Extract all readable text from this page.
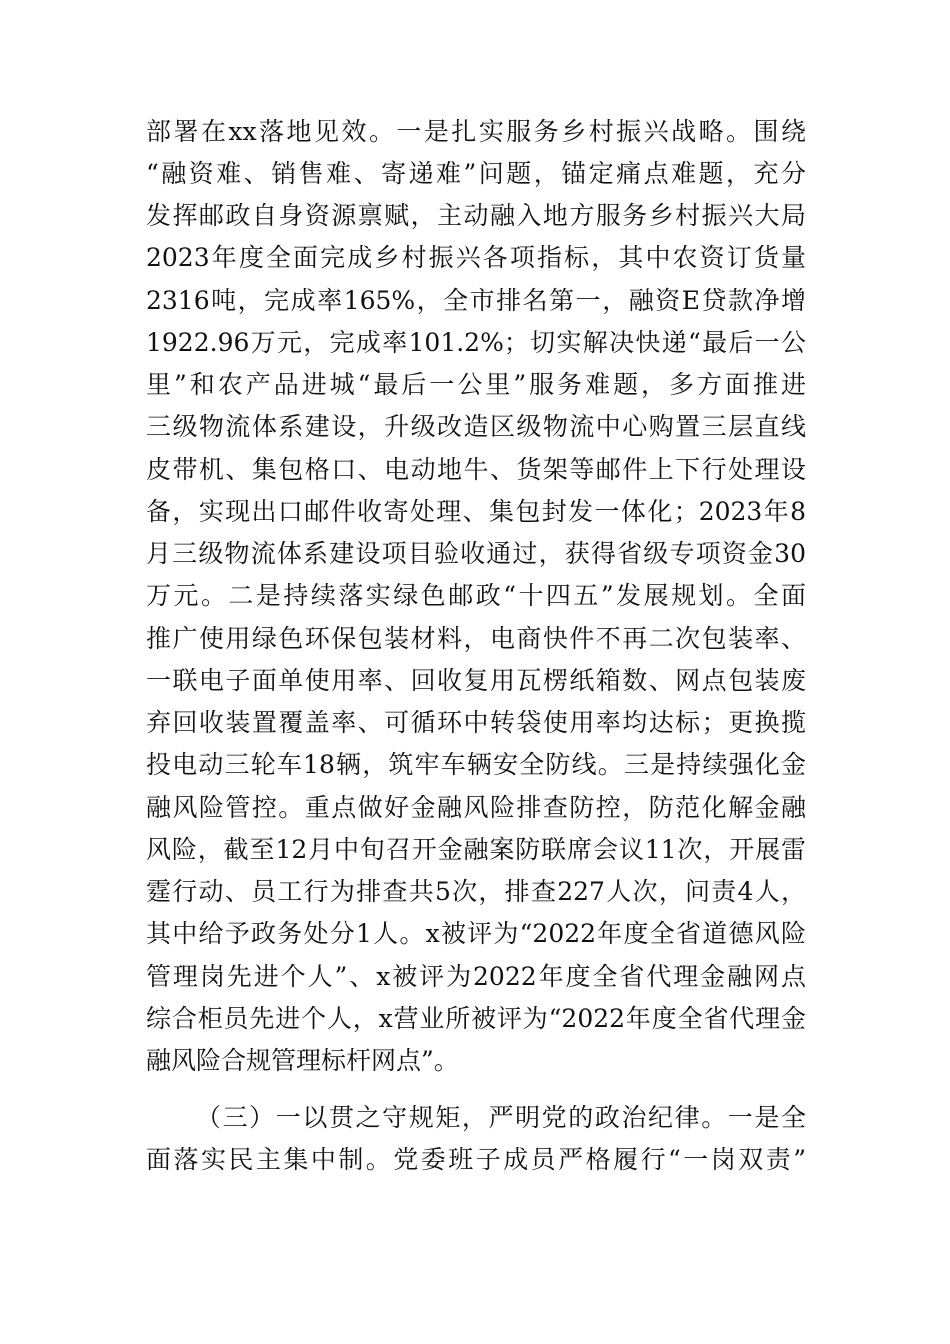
部署在xx落地见效。一是扎实服务乡村振兴战略。围绕
“融资难、销售难、寄递难”问题，锚定痛点难题，充分
发挥邮政自身资源禀赋，主动融入地方服务乡村振兴大局
2023年度全面完成乡村振兴各项指标，其中农资订货量
2316吨，完成率165%，全市排名第一，融资E贷款净增
1922.96万元，完成率101.2%；切实解决快递“最后一公
里”和农产品进城“最后一公里”服务难题，多方面推进
三级物流体系建设，升级改造区级物流中心购置三层直线
皮带机、集包格口、电动地牛、货架等邮件上下行处理设
备，实现出口邮件收寄处理、集包封发一体化；2023年8
月三级物流体系建设项目验收通过，获得省级专项资金30
万元。二是持续落实绿色邮政“十四五”发展规划。全面
推广使用绿色环保包装材料，电商快件不再二次包装率、
一联电子面单使用率、回收复用瓦楞纸箱数、网点包装废
弃回收装置覆盖率、可循环中转袋使用率均达标；更换揽
投电动三轮车18辆，筑牢车辆安全防线。三是持续强化金
融风险管控。重点做好金融风险排查防控，防范化解金融
风险，截至12月中旬召开金融案防联席会议11次，开展雷
霆行动、员工行为排查共5次，排查227人次，问责4人，
其中给予政务处分1人。x被评为“2022年度全省道德风险
管理岗先进个人”、x被评为2022年度全省代理金融网点
综合柜员先进个人，x营业所被评为“2022年度全省代理金
融风险合规管理标杆网点”。
（三）一以贯之守规矩，严明党的政治纪律。一是全
面落实民主集中制。党委班子成员严格履行“一岗双责”
